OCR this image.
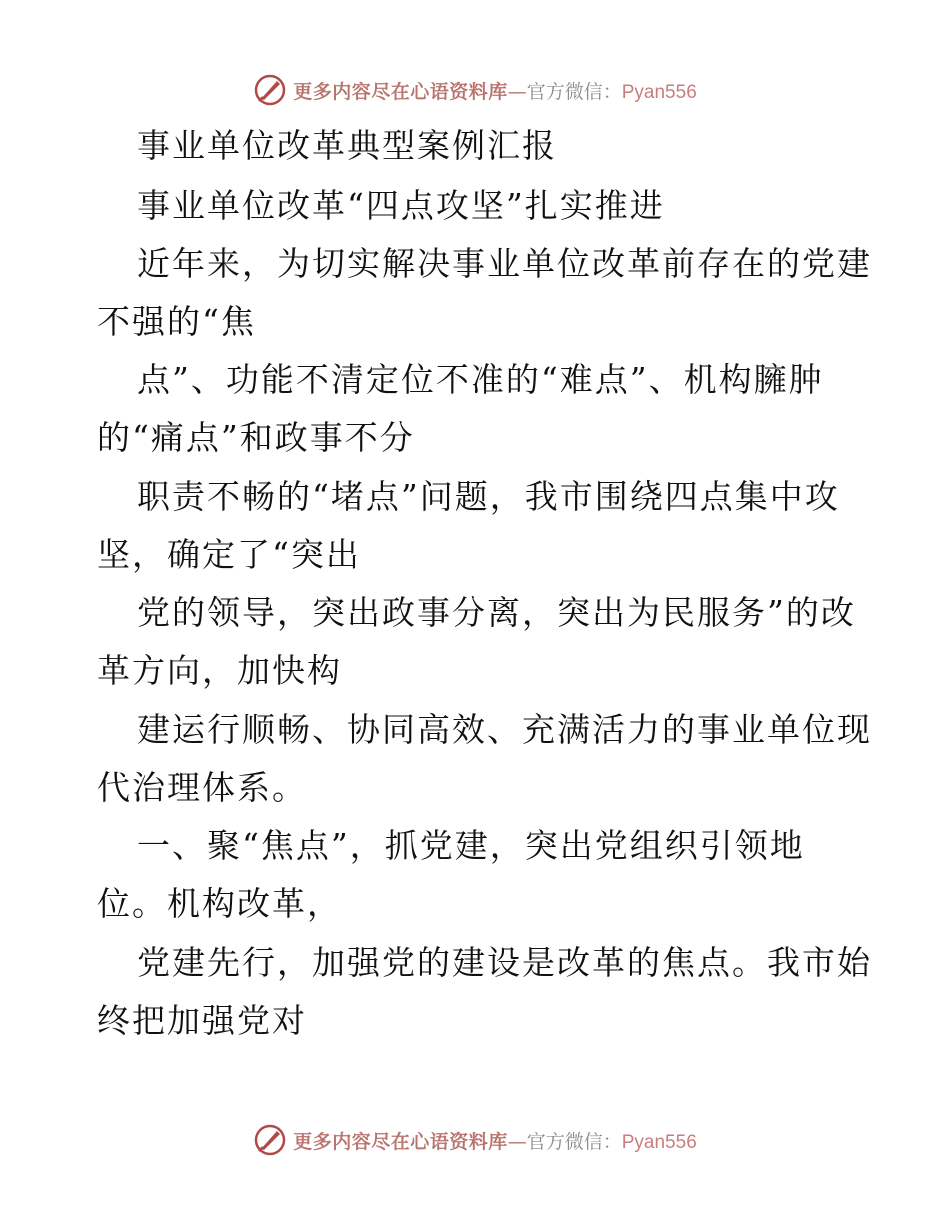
更多内容尽在心语资料库—官方微信：Pyan556
事业单位改革典型案例汇报
事业单位改革“四点攻坚”扎实推进
近年来，为切实解决事业单位改革前存在的党建
不强的“焦
点”、功能不清定位不准的“难点”、机构臃肿
的“痛点”和政事不分
职责不畅的“堵点”问题，我市围绕四点集中攻
坚，确定了“突出
党的领导，突出政事分离，突出为民服务”的改
革方向，加快构
建运行顺畅、协同高效、充满活力的事业单位现
代治理体系。
一、聚“焦点”，抓党建，突出党组织引领地
位。机构改革，
党建先行，加强党的建设是改革的焦点。我市始
终把加强党对
更多内容尽在心语资料库—官方微信：Pyan556
